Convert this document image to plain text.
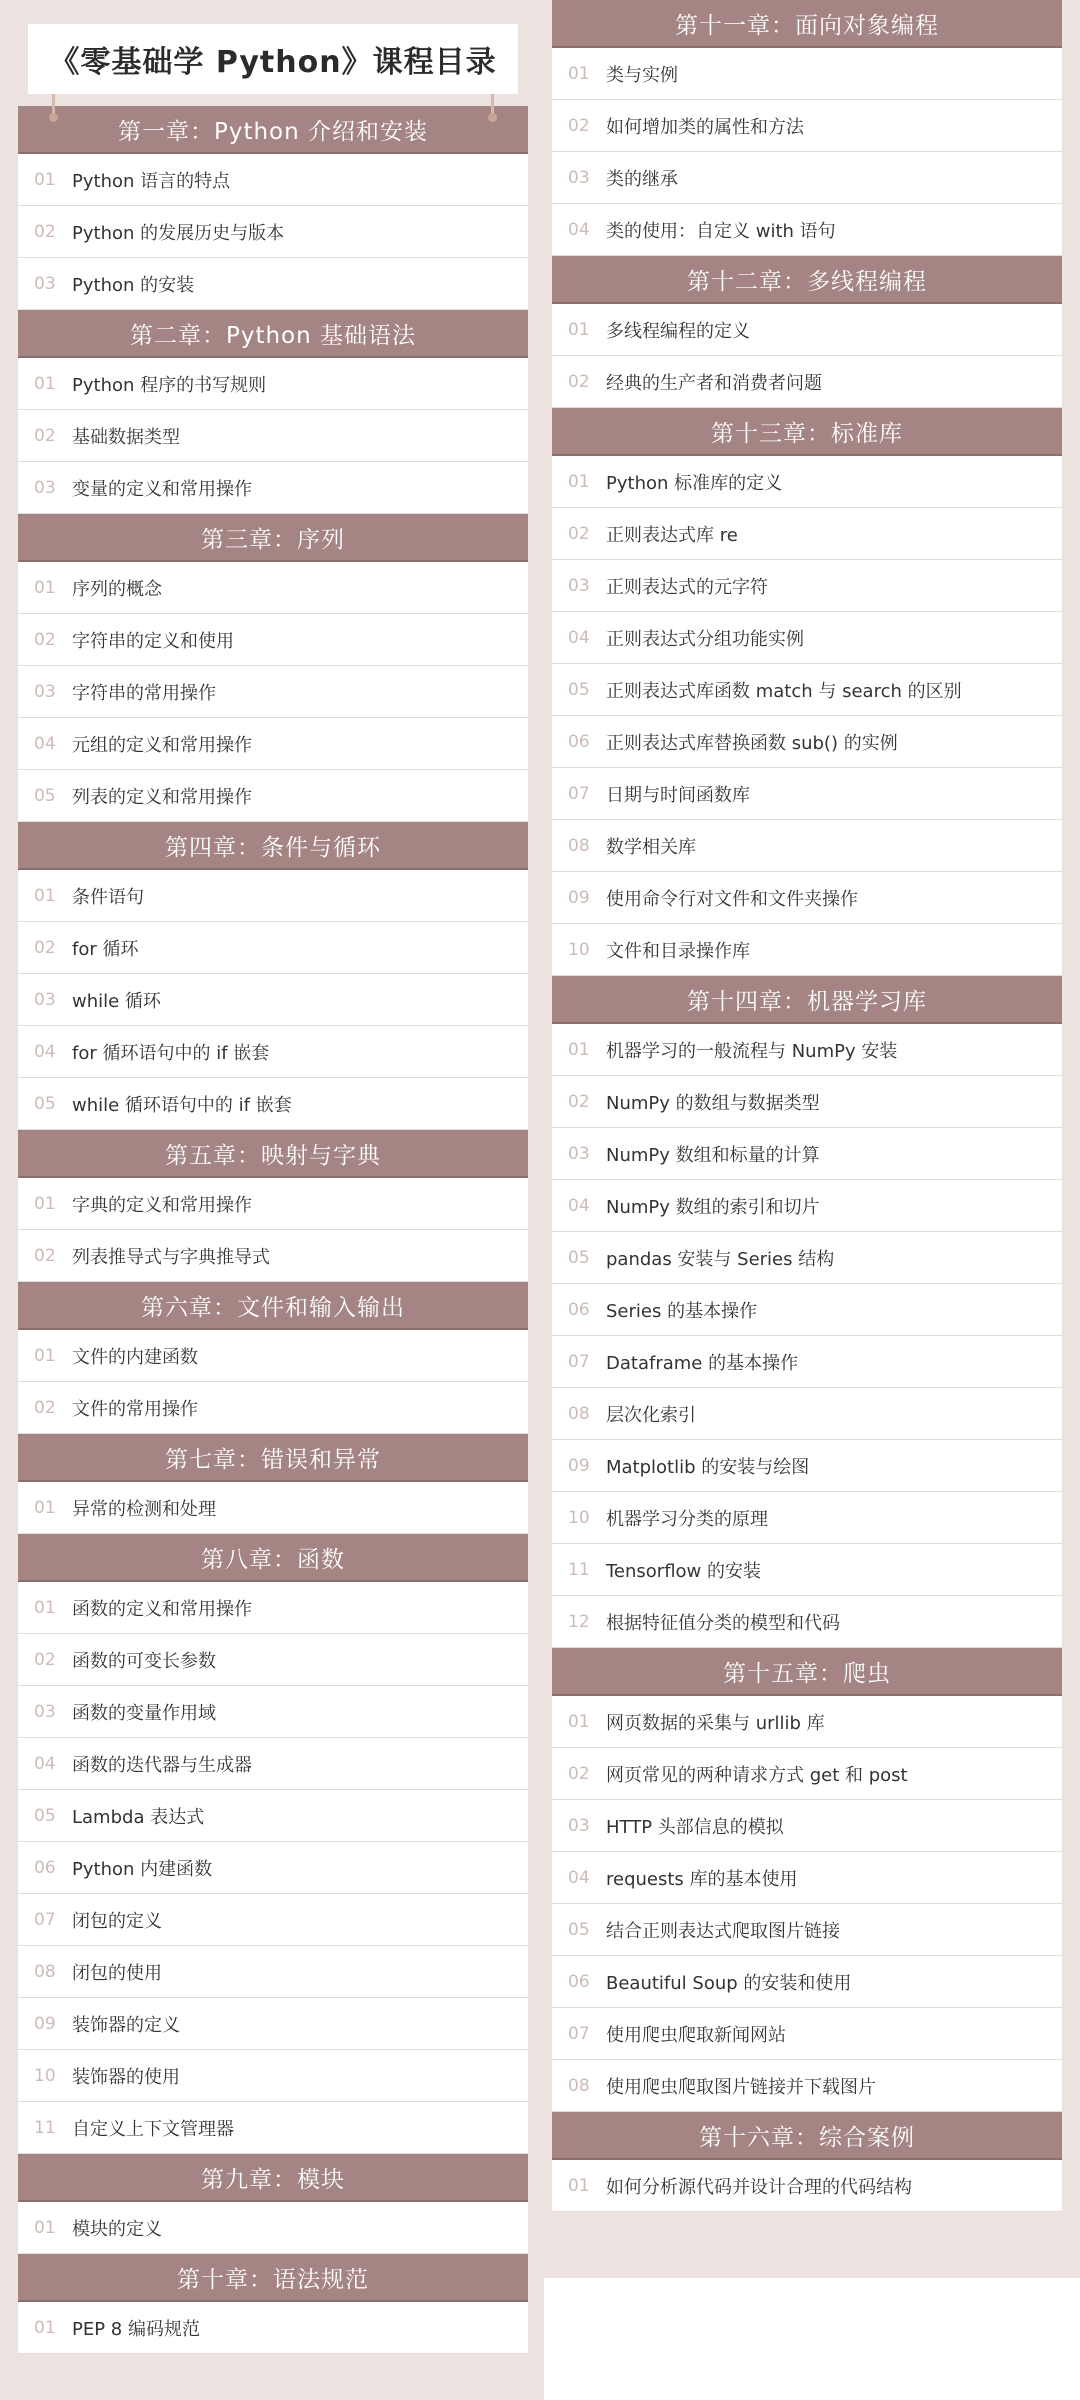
《零基础学 Python》课程目录
第一章：Python 介绍和安装
01 Python 语言的特点
02 Python 的发展历史与版本
03 Python 的安装
第二章：Python 基础语法
01 Python 程序的书写规则
02 基础数据类型
03 变量的定义和常用操作
第三章：序列
01 序列的概念
02 字符串的定义和使用
03 字符串的常用操作
04 元组的定义和常用操作
05 列表的定义和常用操作
第四章：条件与循环
01 条件语句
02 for 循环
03 while 循环
04 for 循环语句中的 if 嵌套
05 while 循环语句中的 if 嵌套
第五章：映射与字典
01 字典的定义和常用操作
02 列表推导式与字典推导式
第六章：文件和输入输出
01 文件的内建函数
02 文件的常用操作
第七章：错误和异常
01 异常的检测和处理
第八章：函数
01 函数的定义和常用操作
02 函数的可变长参数
03 函数的变量作用域
04 函数的迭代器与生成器
05 Lambda 表达式
06 Python 内建函数
07 闭包的定义
08 闭包的使用
09 装饰器的定义
10 装饰器的使用
11 自定义上下文管理器
第九章：模块
01 模块的定义
第十章：语法规范
01 PEP 8 编码规范
第十一章：面向对象编程
01 类与实例
02 如何增加类的属性和方法
03 类的继承
04 类的使用：自定义 with 语句
第十二章：多线程编程
01 多线程编程的定义
02 经典的生产者和消费者问题
第十三章：标准库
01 Python 标准库的定义
02 正则表达式库 re
03 正则表达式的元字符
04 正则表达式分组功能实例
05 正则表达式库函数 match 与 search 的区别
06 正则表达式库替换函数 sub() 的实例
07 日期与时间函数库
08 数学相关库
09 使用命令行对文件和文件夹操作
10 文件和目录操作库
第十四章：机器学习库
01 机器学习的一般流程与 NumPy 安装
02 NumPy 的数组与数据类型
03 NumPy 数组和标量的计算
04 NumPy 数组的索引和切片
05 pandas 安装与 Series 结构
06 Series 的基本操作
07 Dataframe 的基本操作
08 层次化索引
09 Matplotlib 的安装与绘图
10 机器学习分类的原理
11 Tensorflow 的安装
12 根据特征值分类的模型和代码
第十五章：爬虫
01 网页数据的采集与 urllib 库
02 网页常见的两种请求方式 get 和 post
03 HTTP 头部信息的模拟
04 requests 库的基本使用
05 结合正则表达式爬取图片链接
06 Beautiful Soup 的安装和使用
07 使用爬虫爬取新闻网站
08 使用爬虫爬取图片链接并下载图片
第十六章：综合案例
01 如何分析源代码并设计合理的代码结构
